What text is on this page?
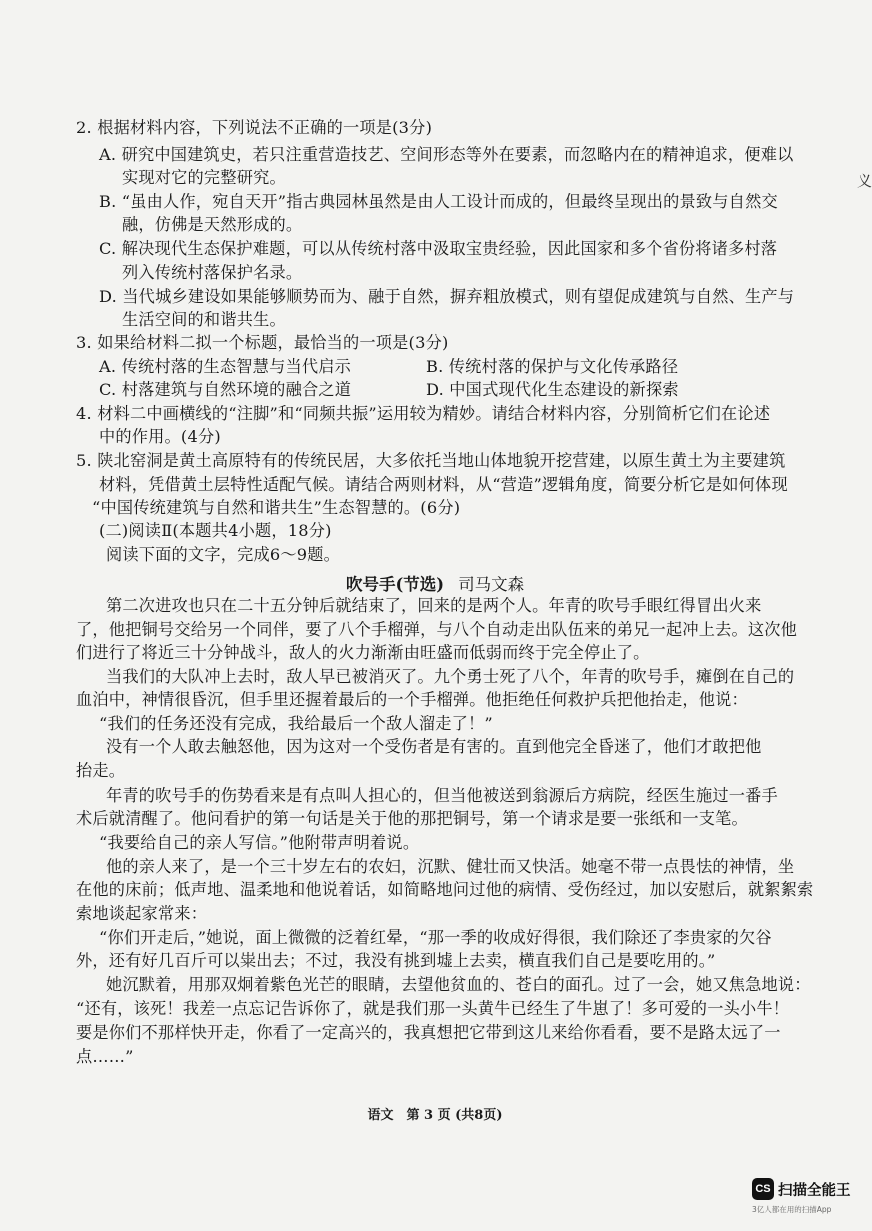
2. 根据材料内容，下列说法不正确的一项是(3分)
A. 研究中国建筑史，若只注重营造技艺、空间形态等外在要素，而忽略内在的精神追求，便难以
实现对它的完整研究。
B. “虽由人作，宛自天开”指古典园林虽然是由人工设计而成的，但最终呈现出的景致与自然交
融，仿佛是天然形成的。
C. 解决现代生态保护难题，可以从传统村落中汲取宝贵经验，因此国家和多个省份将诸多村落
列入传统村落保护名录。
D. 当代城乡建设如果能够顺势而为、融于自然，摒弃粗放模式，则有望促成建筑与自然、生产与
生活空间的和谐共生。
3. 如果给材料二拟一个标题，最恰当的一项是(3分)
A. 传统村落的生态智慧与当代启示	B. 传统村落的保护与文化传承路径
C. 村落建筑与自然环境的融合之道	D. 中国式现代化生态建设的新探索
4. 材料二中画横线的“注脚”和“同频共振”运用较为精妙。请结合材料内容，分别简析它们在论述
中的作用。(4分)
5. 陕北窑洞是黄土高原特有的传统民居，大多依托当地山体地貌开挖营建，以原生黄土为主要建筑
材料，凭借黄土层特性适配气候。请结合两则材料，从“营造”逻辑角度，简要分析它是如何体现
“中国传统建筑与自然和谐共生”生态智慧的。(6分)
(二)阅读Ⅱ(本题共4小题，18分)
阅读下面的文字，完成6～9题。
吹号手(节选) 司马文森
第二次进攻也只在二十五分钟后就结束了，回来的是两个人。年青的吹号手眼红得冒出火来
了，他把铜号交给另一个同伴，要了八个手榴弹，与八个自动走出队伍来的弟兄一起冲上去。这次他
们进行了将近三十分钟战斗，敌人的火力渐渐由旺盛而低弱而终于完全停止了。
当我们的大队冲上去时，敌人早已被消灭了。九个勇士死了八个，年青的吹号手，瘫倒在自己的
血泊中，神情很昏沉，但手里还握着最后的一个手榴弹。他拒绝任何救护兵把他抬走，他说：
“我们的任务还没有完成，我给最后一个敌人溜走了！”
没有一个人敢去触怒他，因为这对一个受伤者是有害的。直到他完全昏迷了，他们才敢把他
抬走。
年青的吹号手的伤势看来是有点叫人担心的，但当他被送到翁源后方病院，经医生施过一番手
术后就清醒了。他问看护的第一句话是关于他的那把铜号，第一个请求是要一张纸和一支笔。
“我要给自己的亲人写信。”他附带声明着说。
他的亲人来了，是一个三十岁左右的农妇，沉默、健壮而又快活。她毫不带一点畏怯的神情，坐
在他的床前；低声地、温柔地和他说着话，如简略地问过他的病情、受伤经过，加以安慰后，就絮絮索
索地谈起家常来：
“你们开走后，”她说，面上微微的泛着红晕，“那一季的收成好得很，我们除还了李贵家的欠谷
外，还有好几百斤可以粜出去；不过，我没有挑到墟上去卖，横直我们自己是要吃用的。”
她沉默着，用那双炯着紫色光芒的眼睛，去望他贫血的、苍白的面孔。过了一会，她又焦急地说：
“还有，该死！我差一点忘记告诉你了，就是我们那一头黄牛已经生了牛崽了！多可爱的一头小牛！
要是你们不那样快开走，你看了一定高兴的，我真想把它带到这儿来给你看看，要不是路太远了一
点……”
语文　第 3 页 (共8页)
义
CS 扫描全能王
3亿人都在用的扫描App
